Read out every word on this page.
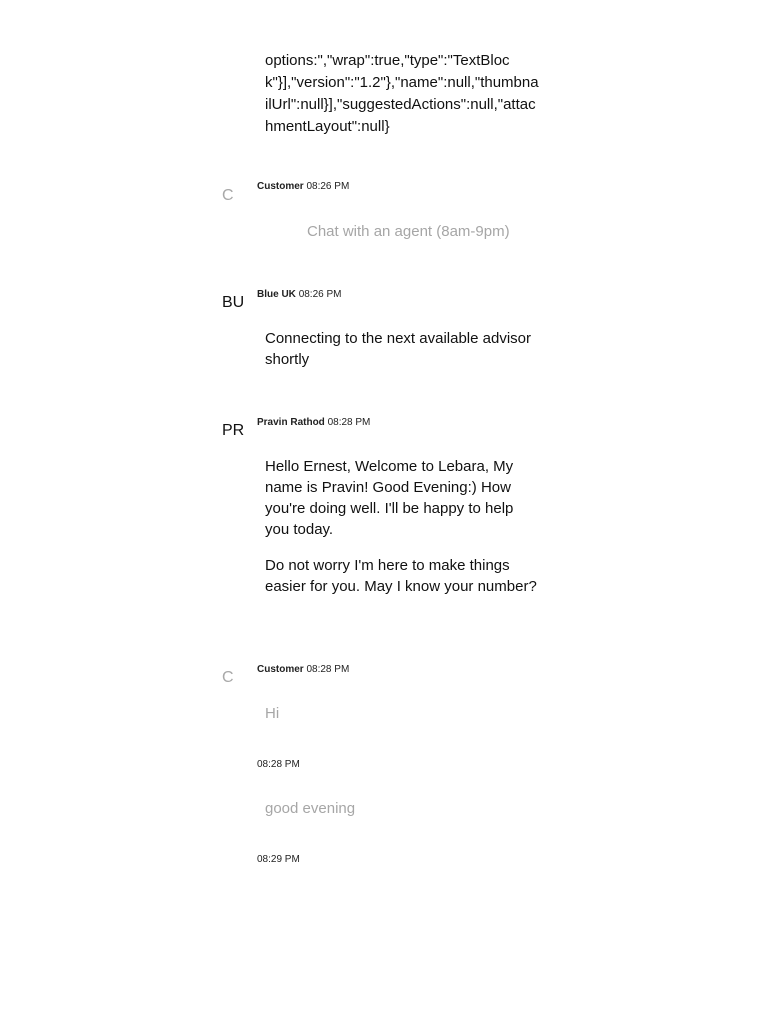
options:","wrap":true,"type":"TextBlock"}],"version":"1.2"},"name":null,"thumbnailUrl":null}],"suggestedActions":null,"attachmentLayout":null}
C
Customer 08:26 PM
Chat with an agent (8am-9pm)
BU Blue UK 08:26 PM
Connecting to the next available advisor shortly
PR Pravin Rathod 08:28 PM

Hello Ernest, Welcome to Lebara, My name is Pravin! Good Evening:) How you're doing well. I'll be happy to help you today.

Do not worry I'm here to make things easier for you. May I know your number?

C Customer 08:28 PM
Hi
08:28 PM
good evening
08:29 PM
